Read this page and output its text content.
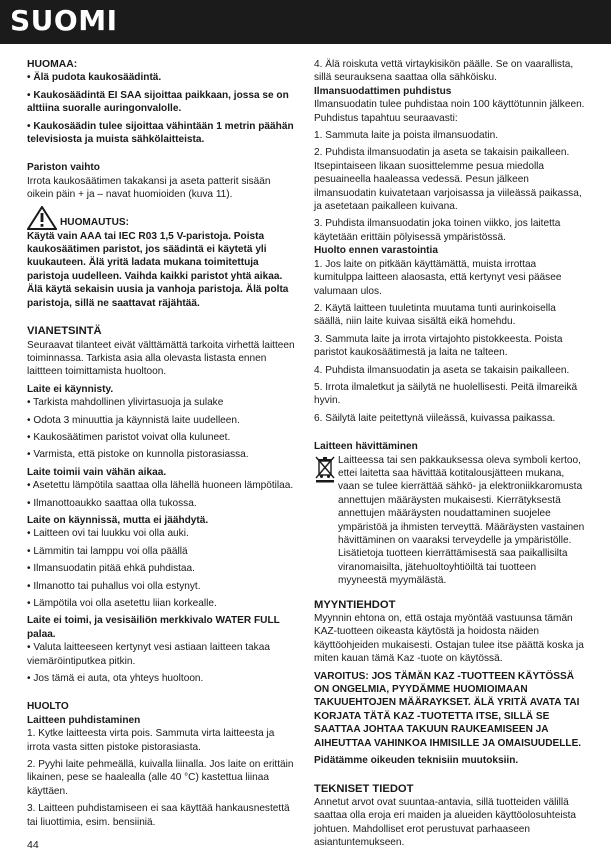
SUOMI
HUOMAA:

• Älä pudota kaukosäädintä.

• Kaukosäädintä EI SAA sijoittaa paikkaan, jossa se on alttiina suoralle auringonvalolle.

• Kaukosäädin tulee sijoittaa vähintään 1 metrin päähän televisiosta ja muista sähkölaitteista.

Pariston vaihto

Irrota kaukosäätimen takakansi ja aseta patterit sisään oikein päin + ja – navat huomioiden (kuva 11).

HUOMAUTUS:

Käytä vain AAA tai IEC R03 1,5 V-paristoja. Poista kaukosäätimen paristot, jos säädintä ei käytetä yli kuukauteen. Älä yritä ladata mukana toimitettuja paristoja uudelleen. Vaihda kaikki paristot yhtä aikaa. Älä käytä sekaisin uusia ja vanhoja paristoja. Älä polta paristoja, sillä ne saattavat räjähtää.

VIANETSINTÄ

Seuraavat tilanteet eivät välttämättä tarkoita virhettä laitteen toiminnassa. Tarkista asia alla olevasta listasta ennen laittteen toimittamista huoltoon.

Laite ei käynnisty.

• Tarkista mahdollinen ylivirtasuoja ja sulake

• Odota 3 minuuttia ja käynnistä laite uudelleen.

• Kaukosäätimen paristot voivat olla kuluneet.

• Varmista, että pistoke on kunnolla pistorasiassa.

Laite toimii vain vähän aikaa.

• Asetettu lämpötila saattaa olla lähellä huoneen lämpötilaa.

• Ilmanottoaukko saattaa olla tukossa.

Laite on käynnissä, mutta ei jäähdytä.

• Laitteen ovi tai luukku voi olla auki.

• Lämmitin tai lamppu voi olla päällä

• Ilmansuodatin pitää ehkä puhdistaa.

• Ilmanotto tai puhallus voi olla estynyt.

• Lämpötila voi olla asetettu liian korkealle.

Laite ei toimi, ja vesisäiliön merkkivalo WATER FULL palaa.

• Valuta laitteeseen kertynyt vesi astiaan laitteen takaa viemäröintiputkea pitkin.

• Jos tämä ei auta, ota yhteys huoltoon.

HUOLTO
Laitteen puhdistaminen

1. Kytke laitteesta virta pois. Sammuta virta laitteesta ja irrota vasta sitten pistoke pistorasiasta.

2. Pyyhi laite pehmeällä, kuivalla liinalla. Jos laite on erittäin likainen, pese se haalealla (alle 40 °C) kastettua liinaa käyttäen.

3. Laitteen puhdistamiseen ei saa käyttää hankausnestettä tai liuottimia, esim. bensiiniä.

4. Älä roiskuta vettä virtaykisikön päälle. Se on vaarallista, sillä seurauksena saattaa olla sähköisku.

Ilmansuodattimen puhdistus

Ilmansuodatin tulee puhdistaa noin 100 käyttötunnin jälkeen. Puhdistus tapahtuu seuraavasti:

1. Sammuta laite ja poista ilmansuodatin.

2. Puhdista ilmansuodatin ja aseta se takaisin paikalleen. Itsepintaiseen likaan suosittelemme pesua miedolla pesuaineella haaleassa vedessä. Pesun jälkeen ilmansuodatin kuivatetaan varjoisassa ja viileässä paikassa, ja asetetaan paikalleen kuivana.

3. Puhdista ilmansuodatin joka toinen viikko, jos laitetta käytetään erittäin pölyisessä ympäristössä.

Huolto ennen varastointia

1. Jos laite on pitkään käyttämättä, muista irrottaa kumitulppa laitteen alaosasta, että kertynyt vesi pääsee valumaan ulos.

2. Käytä laitteen tuuletinta muutama tunti aurinkoisella säällä, niin laite kuivaa sisältä eikä homehdu.

3. Sammuta laite ja irrota virtajohto pistokkeesta. Poista paristot kaukosäätimestä ja laita ne talteen.

4. Puhdista ilmansuodatin ja aseta se takaisin paikalleen.

5. Irrota ilmaletkut ja säilytä ne huolellisesti. Peitä ilmareikä hyvin.

6. Säilytä laite peitettynä viileässä, kuivassa paikassa.

Laitteen hävittäminen

Laitteessa tai sen pakkauksessa oleva symboli kertoo, ettei laitetta saa hävittää kotitalousjätteen mukana, vaan se tulee kierrättää sähkö- ja elektroniikkaromusta annettujen määräysten mukaisesti. Kierrätyksestä annettujen määräysten noudattaminen suojelee ympäristöä ja ihmisten terveyttä. Määräysten vastainen hävittäminen on vaaraksi terveydelle ja ympäristölle. Lisätietoja tuotteen kierrättämisestä saa paikallisilta viranomaisilta, jätehuoltoyhtiöiltä tai tuotteen myyneestä myymälästä.

MYYNTIEHDOT

Myynnin ehtona on, että ostaja myöntää vastuunsa tämän KAZ-tuotteen oikeasta käytöstä ja hoidosta näiden käyttöohjeiden mukaisesti. Ostajan tulee itse päättä koska ja miten kauan tämä Kaz -tuote on käytössä.

VAROITUS: JOS TÄMÄN KAZ -TUOTTEEN KÄYTÖSSÄ ON ONGELMIA, PYYDÄMME HUOMIOIMAAN TAKUUEHTOJEN MÄÄRAYKSET. ÄLÄ YRITÄ AVATA TAI KORJATA TÄTÄ KAZ -TUOTETTA ITSE, SILLÄ SE SAATTAA JOHTAA TAKUUN RAUKEAMISEEN JA AIHEUTTAA VAHINKOA IHMISILLE JA OMAISUUDELLE.

Pidätämme oikeuden teknisiin muutoksiin.

TEKNISET TIEDOT

Annetut arvot ovat suuntaa-antavia, sillä tuotteiden välillä saattaa olla eroja eri maiden ja alueiden käyttöolosuhteista johtuen. Mahdolliset erot perustuvat parhaaseen asiantuntemukseen.

44
